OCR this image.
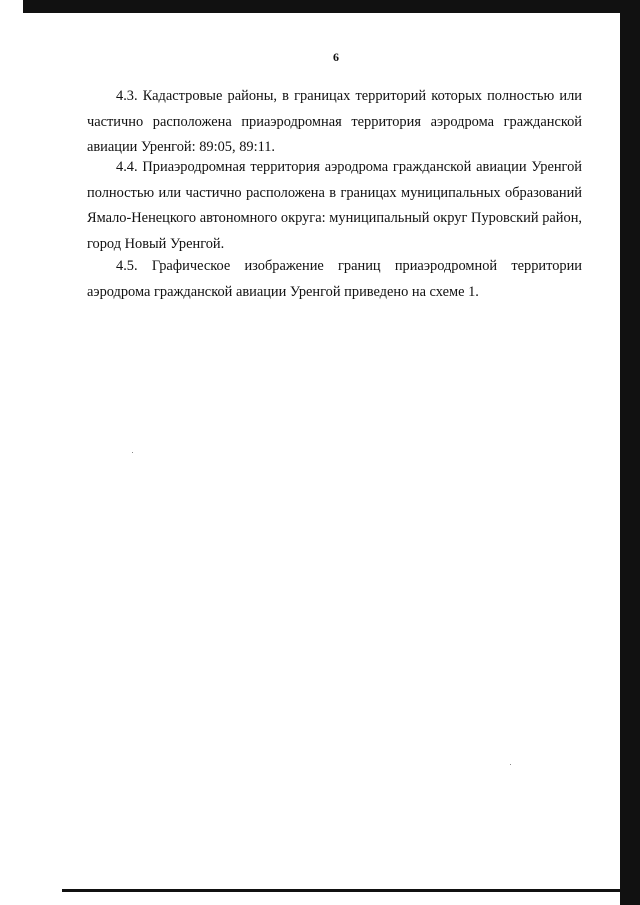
6

4.3. Кадастровые районы, в границах территорий которых полностью или частично расположена приаэродромная территория аэродрома гражданской авиации Уренгой: 89:05, 89:11.

4.4. Приаэродромная территория аэродрома гражданской авиации Уренгой полностью или частично расположена в границах муниципальных образований Ямало-Ненецкого автономного округа: муниципальный округ Пуровский район, город Новый Уренгой.

4.5. Графическое изображение границ приаэродромной территории аэродрома гражданской авиации Уренгой приведено на схеме 1.
